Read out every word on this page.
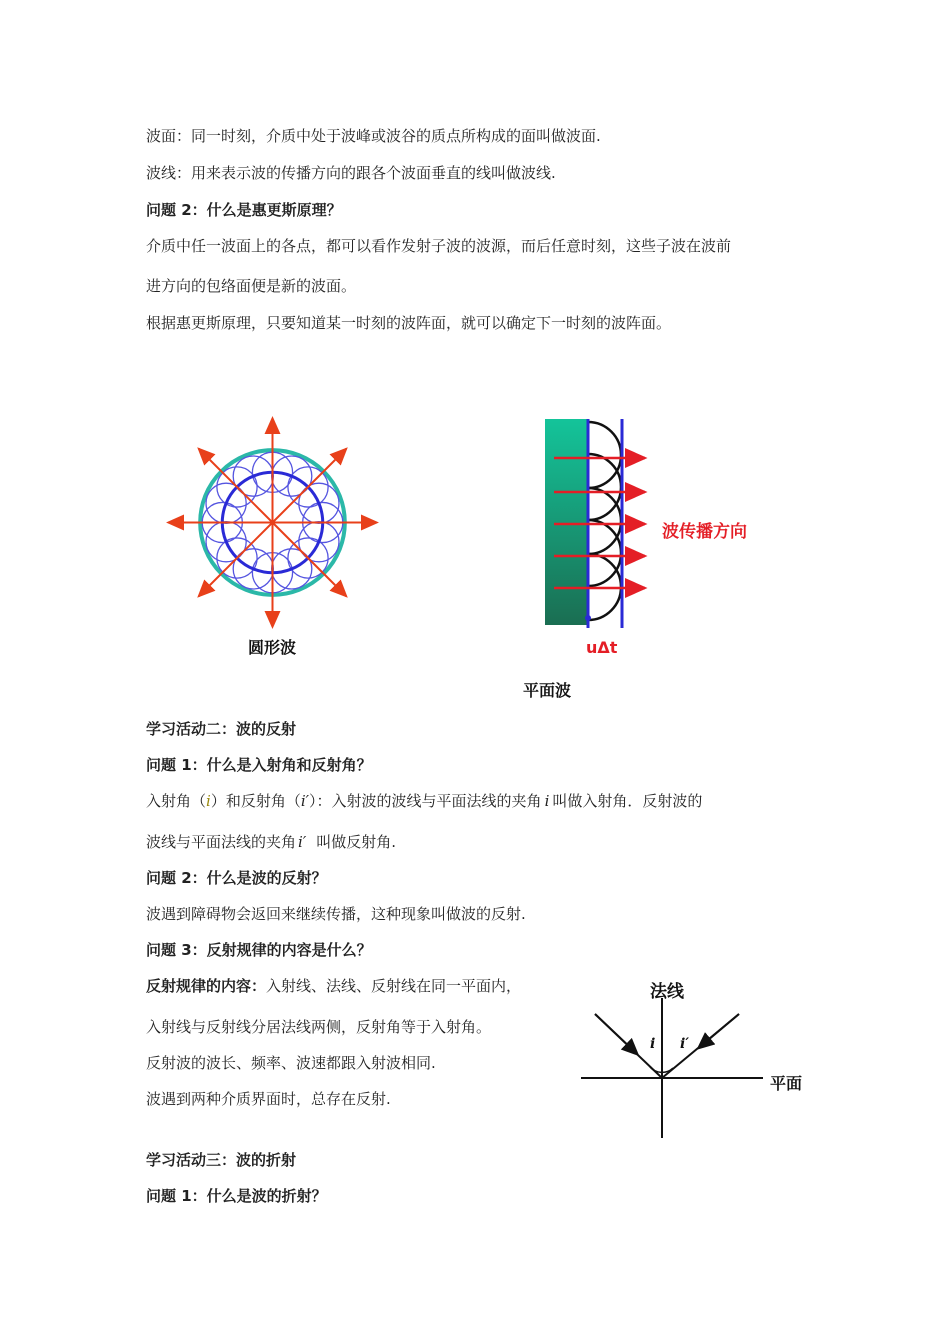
波面：同一时刻，介质中处于波峰或波谷的质点所构成的面叫做波面.
波线：用来表示波的传播方向的跟各个波面垂直的线叫做波线.
问题 2：什么是惠更斯原理？
介质中任一波面上的各点，都可以看作发射子波的波源，而后任意时刻，这些子波在波前
进方向的包络面便是新的波面。
根据惠更斯原理，只要知道某一时刻的波阵面，就可以确定下一时刻的波阵面。
圆形波
波传播方向
uΔt
平面波
学习活动二：波的反射
问题 1：什么是入射角和反射角？
入射角（i）和反射角（i′）：入射波的波线与平面法线的夹角 i 叫做入射角．反射波的
波线与平面法线的夹角 i′ 叫做反射角.
问题 2：什么是波的反射？
波遇到障碍物会返回来继续传播，这种现象叫做波的反射.
问题 3：反射规律的内容是什么？
反射规律的内容：入射线、法线、反射线在同一平面内，
入射线与反射线分居法线两侧，反射角等于入射角。
反射波的波长、频率、波速都跟入射波相同.
波遇到两种介质界面时，总存在反射.
法线
平面
i i′
学习活动三：波的折射
问题 1：什么是波的折射？
